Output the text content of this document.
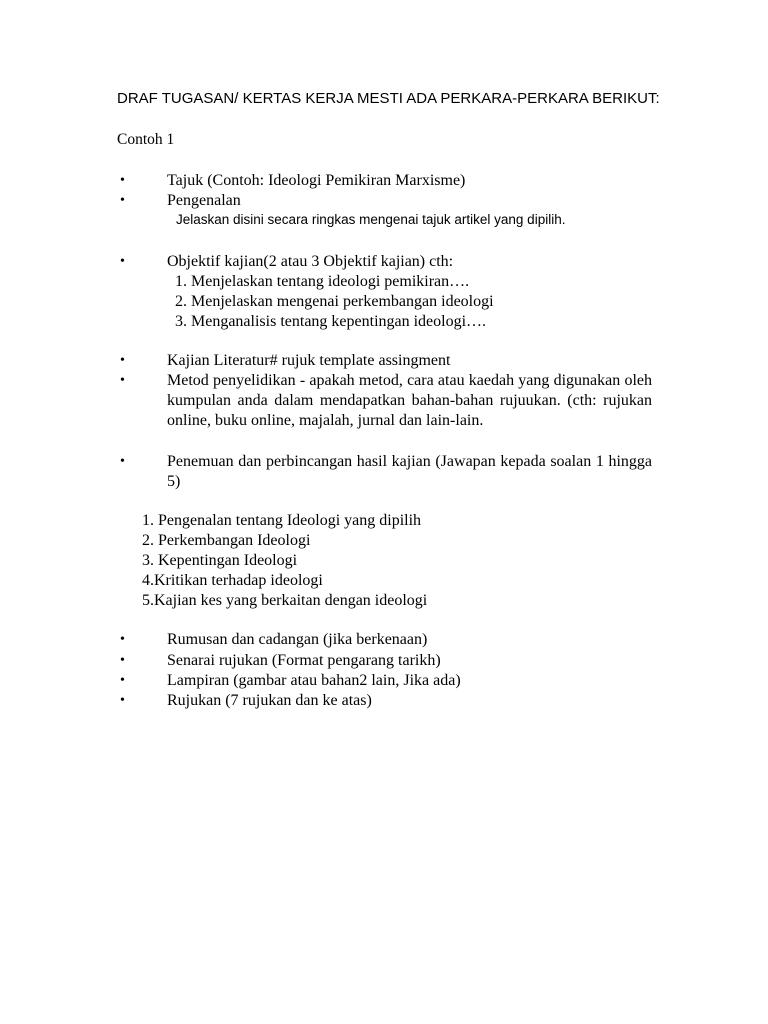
DRAF TUGASAN/ KERTAS KERJA MESTI ADA PERKARA-PERKARA BERIKUT:
Contoh 1
•	Tajuk (Contoh: Ideologi Pemikiran Marxisme)
•	Pengenalan
Jelaskan disini secara ringkas mengenai tajuk artikel yang dipilih.
•	Objektif kajian(2 atau 3 Objektif kajian) cth:
1. Menjelaskan tentang ideologi pemikiran….
2. Menjelaskan mengenai perkembangan ideologi
3. Menganalisis tentang kepentingan ideologi….
•	Kajian Literatur# rujuk template assingment
•	Metod penyelidikan - apakah metod, cara atau kaedah yang digunakan oleh kumpulan anda dalam mendapatkan bahan-bahan rujuukan. (cth: rujukan online, buku online, majalah, jurnal dan lain-lain.
•	Penemuan dan perbincangan hasil kajian (Jawapan kepada soalan 1 hingga 5)
1. Pengenalan tentang Ideologi yang dipilih
2. Perkembangan Ideologi
3. Kepentingan Ideologi
4.Kritikan terhadap ideologi
5.Kajian kes yang berkaitan dengan ideologi
•	Rumusan dan cadangan (jika berkenaan)
•	Senarai rujukan (Format pengarang tarikh)
•	Lampiran (gambar atau bahan2 lain, Jika ada)
•	Rujukan (7 rujukan dan ke atas)
